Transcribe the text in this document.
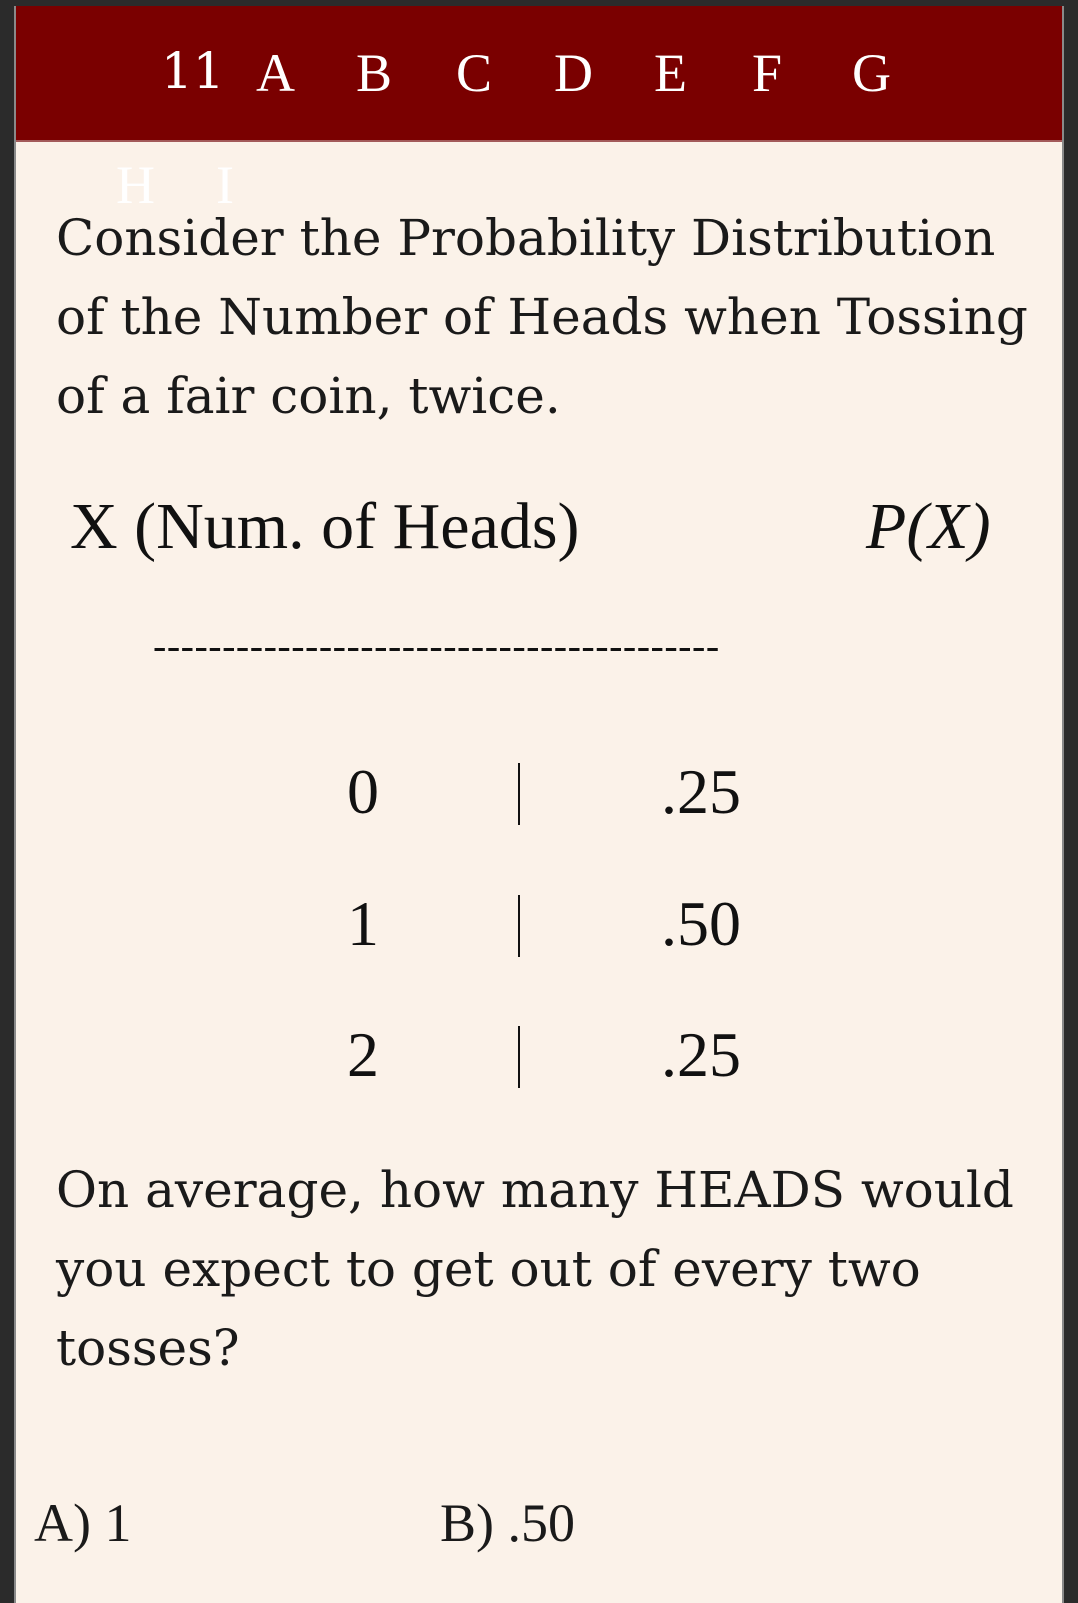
11 A B C D E F G
H I
Consider the Probability Distribution of the Number of Heads when Tossing of a fair coin, twice.
X (Num. of Heads)	P(X)
-----------------------------------------
0	.25
1	.50
2	.25
On average, how many HEADS would you expect to get out of every two tosses?
A) 1	B) .50
